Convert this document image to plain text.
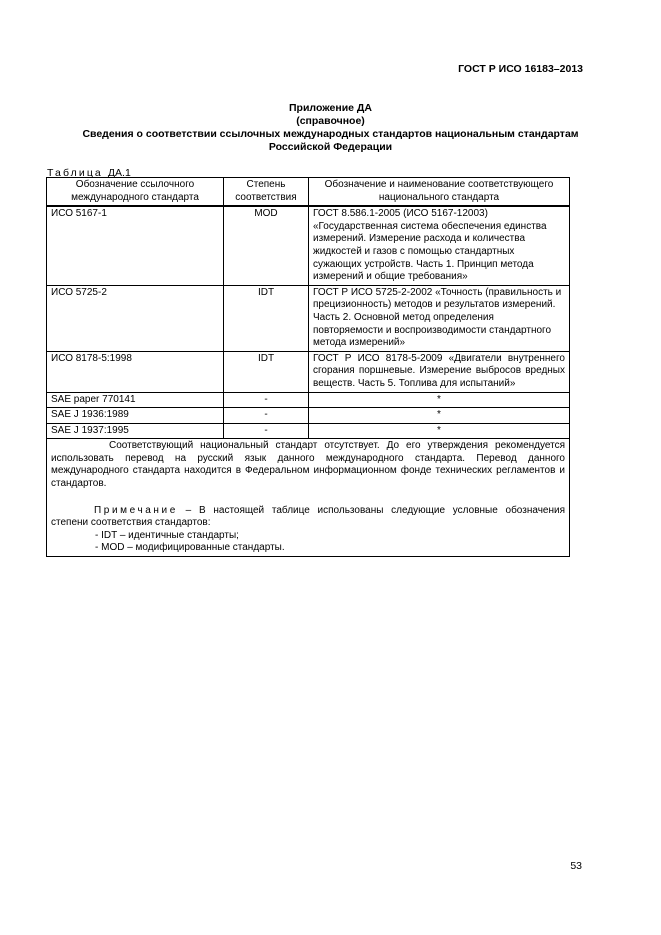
ГОСТ Р ИСО 16183–2013
Приложение ДА
(справочное)
Сведения о соответствии ссылочных международных стандартов национальным стандартам
Российской Федерации
Таблица ДА.1
Обозначение ссылочного международного стандарта	Степень соответствия	Обозначение и наименование соответствующего национального стандарта
ИСО 5167-1	MOD	ГОСТ 8.586.1-2005 (ИСО 5167-12003) «Государственная система обеспечения единства измерений. Измерение расхода и количества жидкостей и газов с помощью стандартных сужающих устройств. Часть 1. Принцип метода измерений и общие требования»
ИСО 5725-2	IDT	ГОСТ Р ИСО 5725-2-2002 «Точность (правильность и прецизионность) методов и результатов измерений. Часть 2. Основной метод определения повторяемости и воспроизводимости стандартного метода измерений»
ИСО 8178-5:1998	IDT	ГОСТ Р ИСО 8178-5-2009 «Двигатели внутреннего сгорания поршневые. Измерение выбросов вредных веществ. Часть 5. Топлива для испытаний»
SAE paper 770141	-	*
SAE J 1936:1989	-	*
SAE J 1937:1995	-	*

Соответствующий национальный стандарт отсутствует. До его утверждения рекомендуется использовать перевод на русский язык данного международного стандарта. Перевод данного международного стандарта находится в Федеральном информационном фонде технических регламентов и стандартов.

Примечание – В настоящей таблице использованы следующие условные обозначения степени соответствия стандартов:

- IDT – идентичные стандарты;

- MOD – модифицированные стандарты.		

53
